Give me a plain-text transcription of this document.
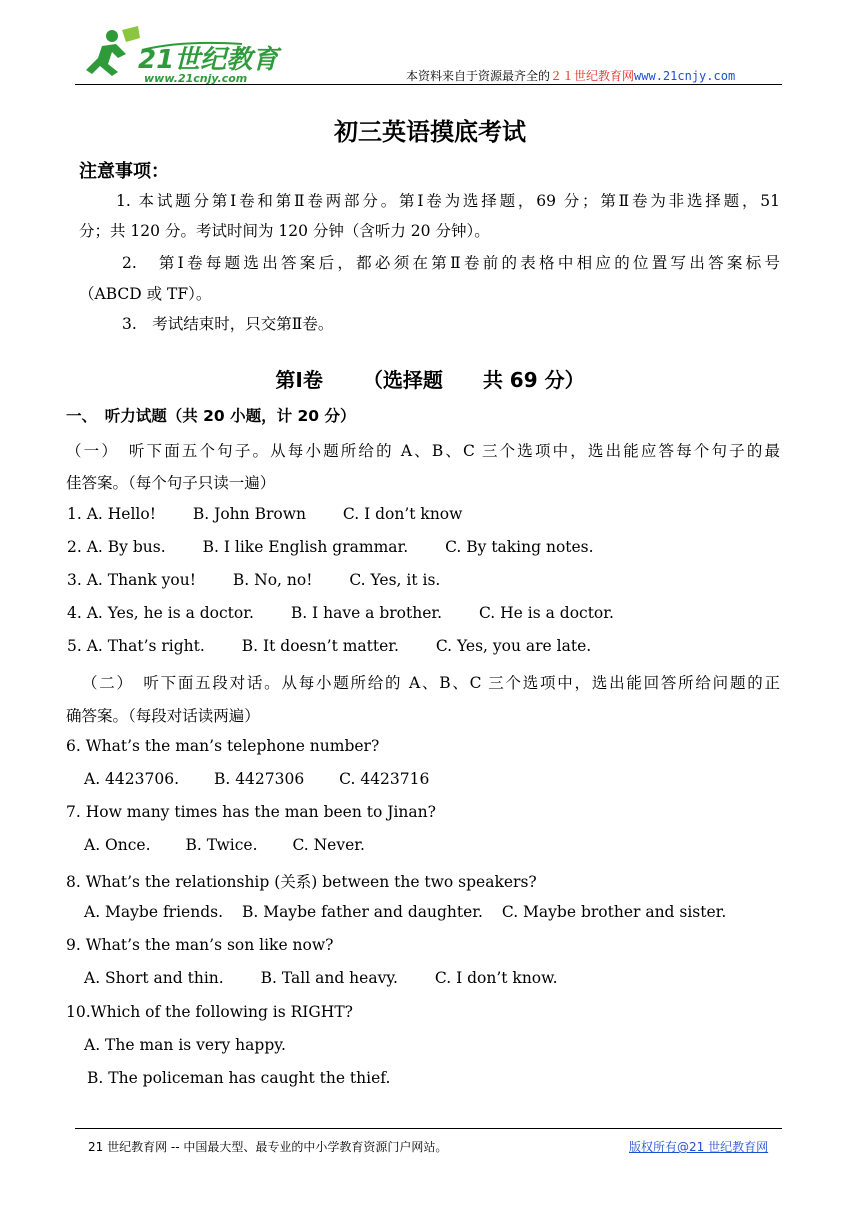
21世纪教育
www.21cnjy.com	本资料来自于资源最齐全的２１世纪教育网www.21cnjy.com
初三英语摸底考试
注意事项：
1. 本试题分第Ⅰ卷和第Ⅱ卷两部分。第Ⅰ卷为选择题，69 分；第Ⅱ卷为非选择题，51
分；共 120 分。考试时间为 120 分钟（含听力 20 分钟）。
2.　第Ⅰ卷每题选出答案后，都必须在第Ⅱ卷前的表格中相应的位置写出答案标号
（ABCD 或 TF）。
3.　考试结束时，只交第Ⅱ卷。
第Ⅰ卷 （选择题 共 69 分）
一、　听力试题（共 20 小题，计 20 分）
（一）　听下面五个句子。从每小题所给的 A、B、C 三个选项中，选出能应答每个句子的最
佳答案。（每个句子只读一遍）
1. A. Hello! B. John Brown C. I don’t know
2. A. By bus. B. I like English grammar. C. By taking notes.
3. A. Thank you! B. No, no! C. Yes, it is.
4. A. Yes, he is a doctor. B. I have a brother. C. He is a doctor.
5. A. That’s right. B. It doesn’t matter. C. Yes, you are late.
（二）　听下面五段对话。从每小题所给的 A、B、C 三个选项中，选出能回答所给问题的正
确答案。（每段对话读两遍）
6. What’s the man’s telephone number?
A. 4423706. B. 4427306 C. 4423716
7. How many times has the man been to Jinan?
A. Once. B. Twice. C. Never.
8. What’s the relationship (关系) between the two speakers?
A. Maybe friends. B. Maybe father and daughter. C. Maybe brother and sister.
9. What’s the man’s son like now?
A. Short and thin. B. Tall and heavy. C. I don’t know.
10.Which of the following is RIGHT?
A. The man is very happy.
B. The policeman has caught the thief.
21 世纪教育网 -- 中国最大型、最专业的中小学教育资源门户网站。	版权所有@21 世纪教育网
